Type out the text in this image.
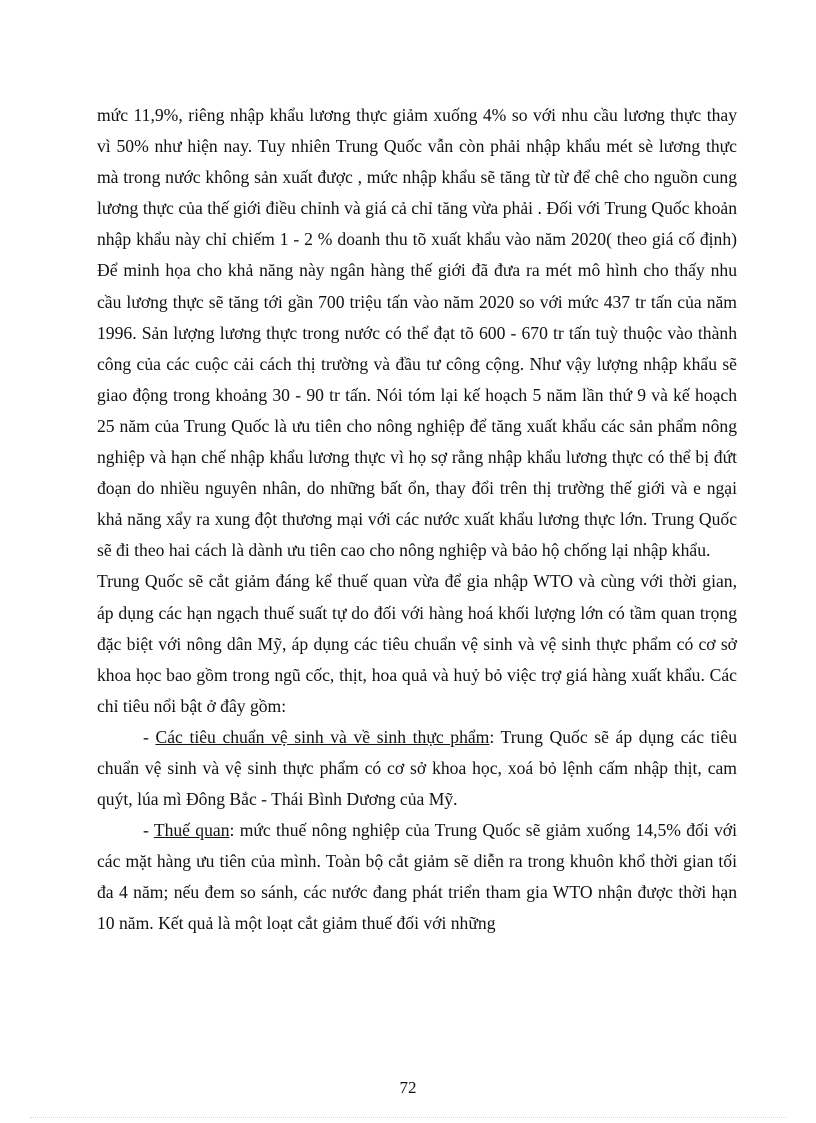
mức 11,9%, riêng nhập khẩu lương thực giảm xuống 4% so với nhu cầu lương thực thay vì 50% như hiện nay. Tuy nhiên Trung Quốc vẫn còn phải nhập khẩu mét sè lương thực mà trong nước không sản xuất được , mức nhập khẩu sẽ tăng từ từ để chê cho nguồn cung lương thực của thế giới điều chỉnh và giá cả chỉ tăng vừa phải . Đối với Trung Quốc khoản nhập khẩu này chỉ chiếm 1 - 2 % doanh thu tõ xuất khẩu vào năm 2020( theo giá cố định) Để minh họa cho khả năng này ngân hàng thế giới đã đưa ra mét mô hình cho thấy nhu cầu lương thực sẽ tăng tới gần 700 triệu tấn vào năm 2020 so với mức 437 tr tấn của năm 1996. Sản lượng lương thực trong nước có thể đạt tõ 600 - 670 tr tấn tuỳ thuộc vào thành công của các cuộc cải cách thị trường và đầu tư công cộng. Như vậy lượng nhập khẩu sẽ giao động trong khoảng 30 - 90 tr tấn. Nói tóm lại kế hoạch 5 năm lần thứ 9 và kế hoạch 25 năm của Trung Quốc là ưu tiên cho nông nghiệp để tăng xuất khẩu các sản phẩm nông nghiệp và hạn chế nhập khẩu lương thực vì họ sợ rằng nhập khẩu lương thực có thể bị đứt đoạn do nhiều nguyên nhân, do những bất ổn, thay đổi trên thị trường thế giới và e ngại khả năng xẩy ra xung đột thương mại với các nước xuất khẩu lương thực lớn. Trung Quốc sẽ đi theo hai cách là dành ưu tiên cao cho nông nghiệp và bảo hộ chống lại nhập khẩu.

Trung Quốc sẽ cắt giảm đáng kể thuế quan vừa để gia nhập WTO và cùng với thời gian, áp dụng các hạn ngạch thuế suất tự do đối với hàng hoá khối lượng lớn có tầm quan trọng đặc biệt với nông dân Mỹ, áp dụng các tiêu chuẩn vệ sinh và vệ sinh thực phẩm có cơ sở khoa học bao gồm trong ngũ cốc, thịt, hoa quả và huỷ bỏ việc trợ giá hàng xuất khẩu. Các chỉ tiêu nổi bật ở đây gồm:

- Các tiêu chuẩn vệ sinh và về sinh thực phẩm: Trung Quốc sẽ áp dụng các tiêu chuẩn vệ sinh và vệ sinh thực phẩm có cơ sở khoa học, xoá bỏ lệnh cấm nhập thịt, cam quýt, lúa mì Đông Bắc - Thái Bình Dương của Mỹ.

- Thuế quan: mức thuế nông nghiệp của Trung Quốc sẽ giảm xuống 14,5% đối với các mặt hàng ưu tiên của mình. Toàn bộ cắt giảm sẽ diễn ra trong khuôn khổ thời gian tối đa 4 năm; nếu đem so sánh, các nước đang phát triển tham gia WTO nhận được thời hạn 10 năm. Kết quả là một loạt cắt giảm thuế đối với những

72
